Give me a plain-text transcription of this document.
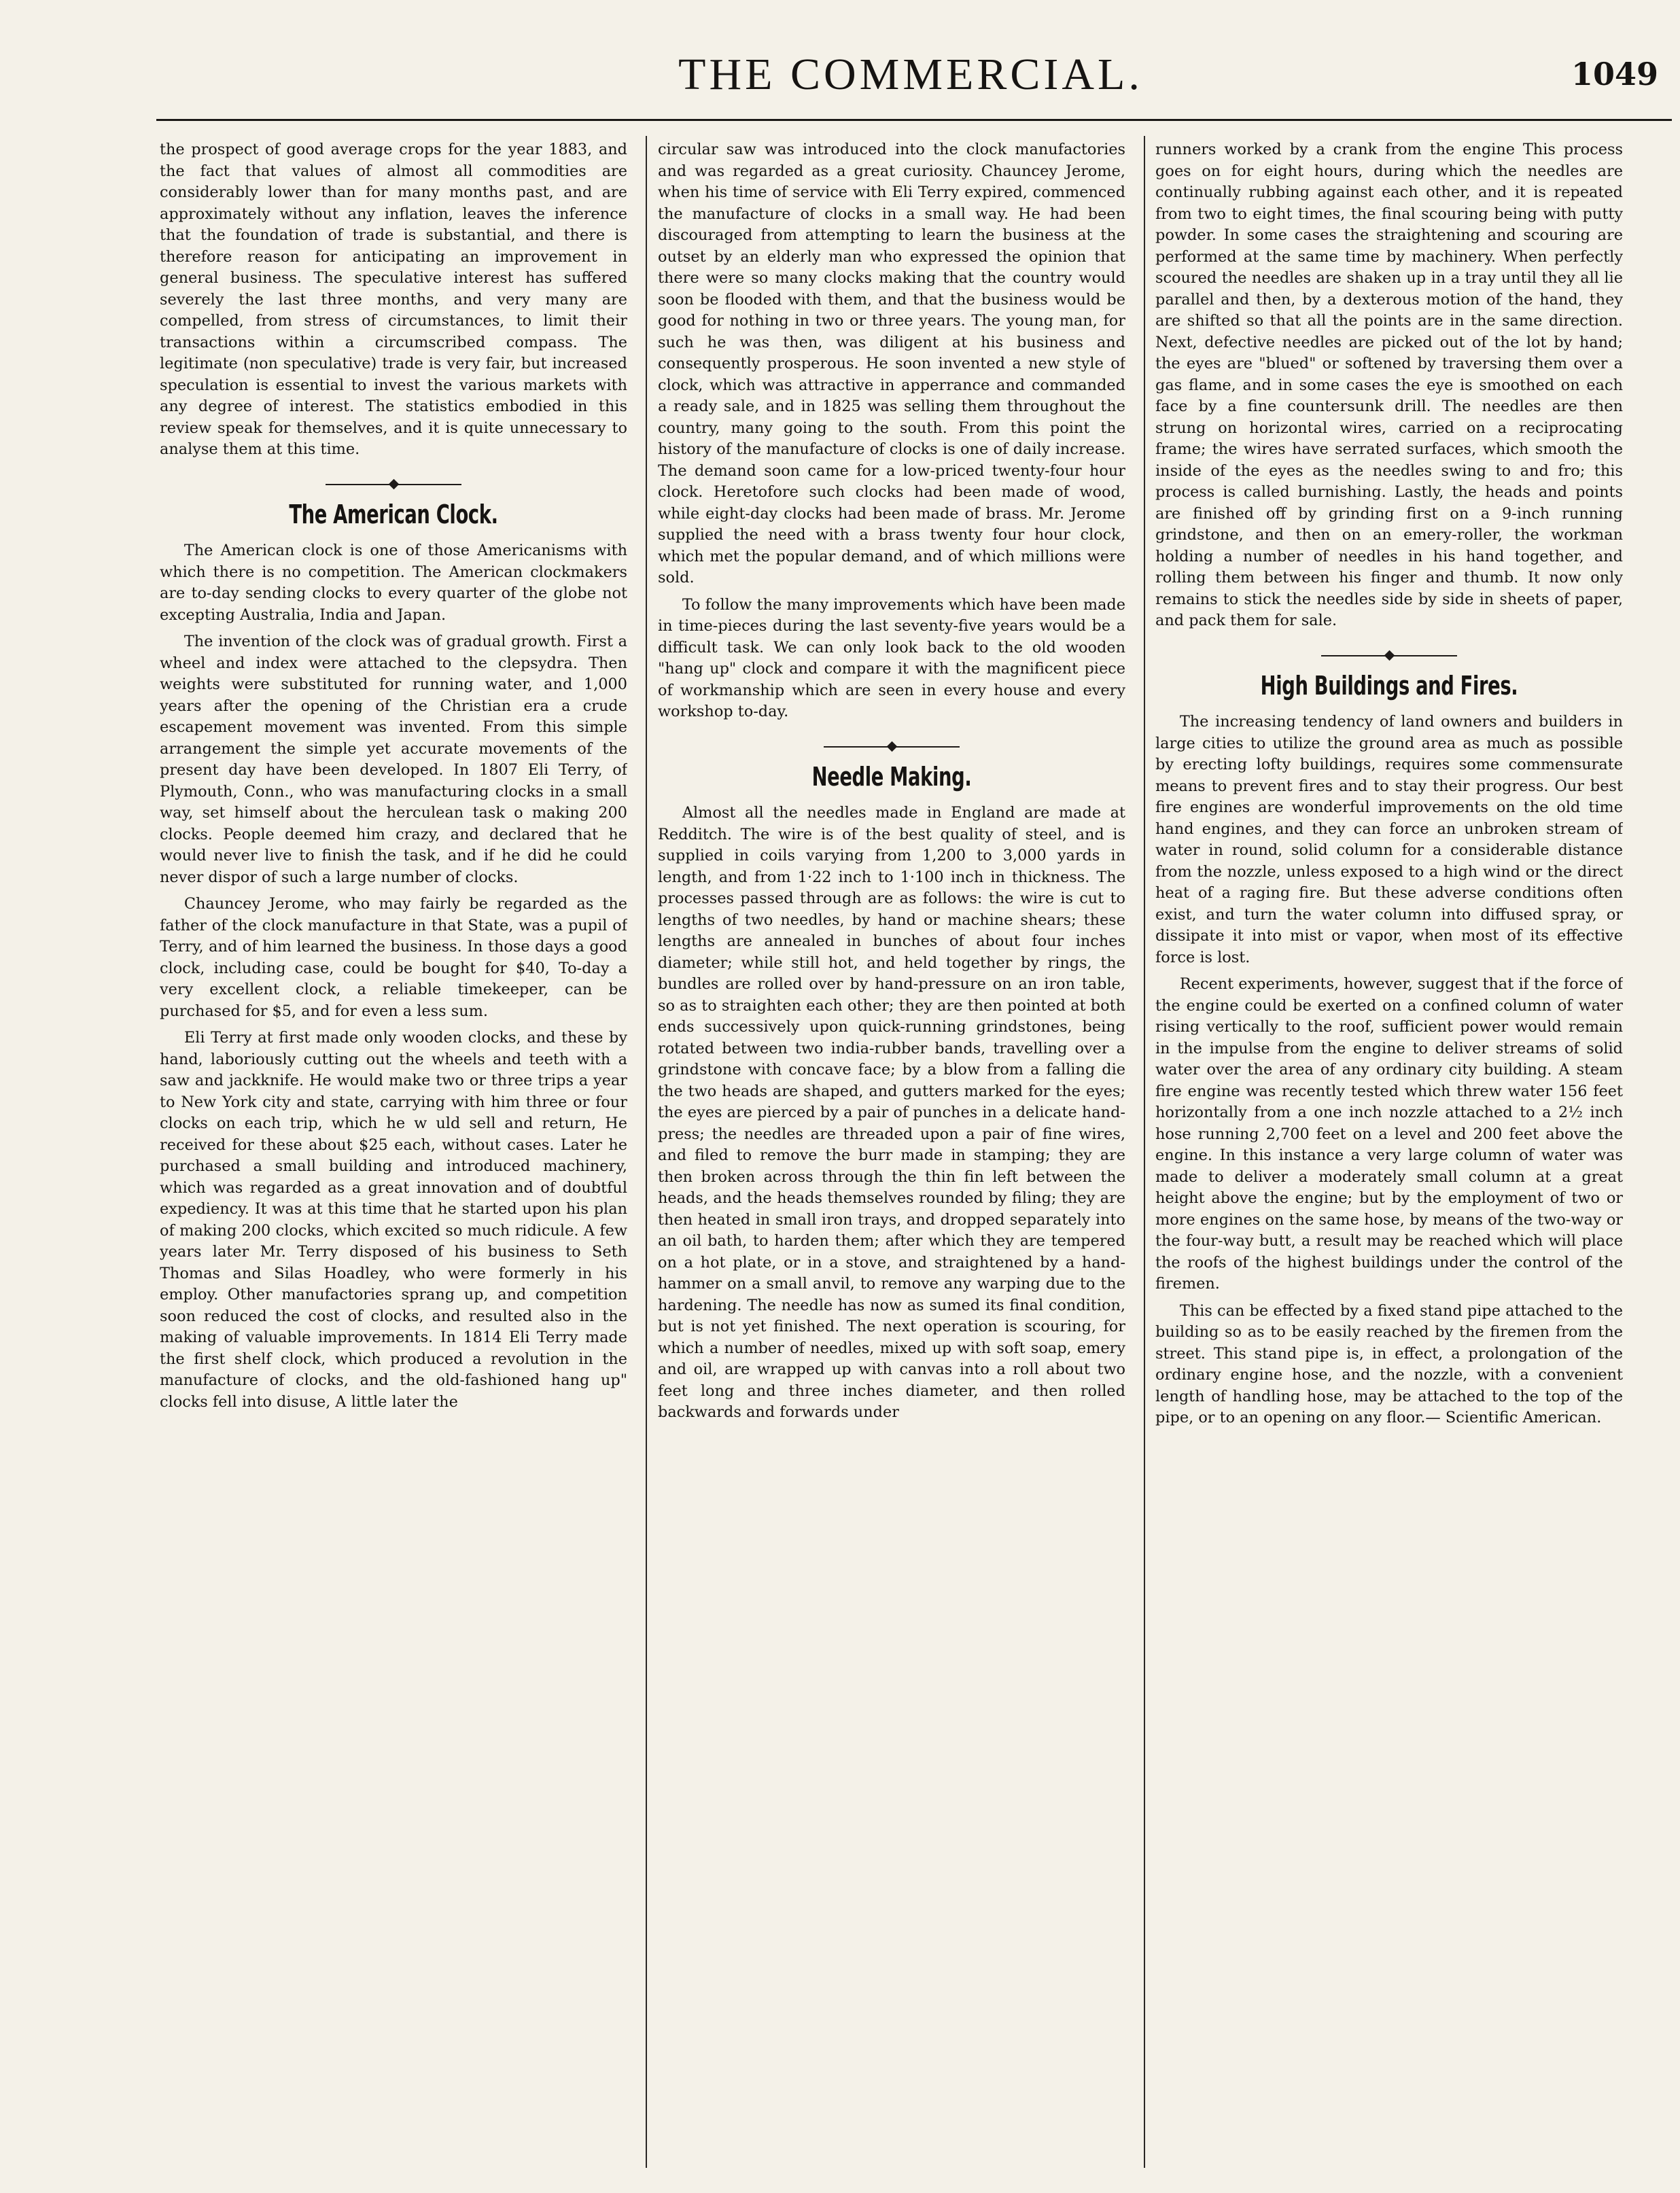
THE COMMERCIAL.	1049

the prospect of good average crops for the year 1883, and the fact that values of almost all commodities are considerably lower than for many months past, and are approximately without any inflation, leaves the inference that the foundation of trade is substantial, and there is therefore reason for anticipating an improvement in general business. The speculative interest has suffered severely the last three months, and very many are compelled, from stress of circumstances, to limit their transactions within a circumscribed compass. The legitimate (non speculative) trade is very fair, but increased speculation is essential to invest the various markets with any degree of interest. The statistics embodied in this review speak for themselves, and it is quite unnecessary to analyse them at this time.

The American Clock.

The American clock is one of those Americanisms with which there is no competition. The American clockmakers are to-day sending clocks to every quarter of the globe not excepting Australia, India and Japan.

The invention of the clock was of gradual growth. First a wheel and index were attached to the clepsydra. Then weights were substituted for running water, and 1,000 years after the opening of the Christian era a crude escapement movement was invented. From this simple arrangement the simple yet accurate movements of the present day have been developed. In 1807 Eli Terry, of Plymouth, Conn., who was manufacturing clocks in a small way, set himself about the herculean task o making 200 clocks. People deemed him crazy, and declared that he would never live to finish the task, and if he did he could never dispor of such a large number of clocks.

Chauncey Jerome, who may fairly be regarded as the father of the clock manufacture in that State, was a pupil of Terry, and of him learned the business. In those days a good clock, including case, could be bought for $40, To-day a very excellent clock, a reliable timekeeper, can be purchased for $5, and for even a less sum.

Eli Terry at first made only wooden clocks, and these by hand, laboriously cutting out the wheels and teeth with a saw and jackknife. He would make two or three trips a year to New York city and state, carrying with him three or four clocks on each trip, which he w uld sell and return, He received for these about $25 each, without cases. Later he purchased a small building and introduced machinery, which was regarded as a great innovation and of doubtful expediency. It was at this time that he started upon his plan of making 200 clocks, which excited so much ridicule. A few years later Mr. Terry disposed of his business to Seth Thomas and Silas Hoadley, who were formerly in his employ. Other manufactories sprang up, and competition soon reduced the cost of clocks, and resulted also in the making of valuable improvements. In 1814 Eli Terry made the first shelf clock, which produced a revolution in the manufacture of clocks, and the old-fashioned hang up" clocks fell into disuse, A little later the

circular saw was introduced into the clock manufactories and was regarded as a great curiosity. Chauncey Jerome, when his time of service with Eli Terry expired, commenced the manufacture of clocks in a small way. He had been discouraged from attempting to learn the business at the outset by an elderly man who expressed the opinion that there were so many clocks making that the country would soon be flooded with them, and that the business would be good for nothing in two or three years. The young man, for such he was then, was diligent at his business and consequently prosperous. He soon invented a new style of clock, which was attractive in apperrance and commanded a ready sale, and in 1825 was selling them throughout the country, many going to the south. From this point the history of the manufacture of clocks is one of daily increase. The demand soon came for a low-priced twenty-four hour clock. Heretofore such clocks had been made of wood, while eight-day clocks had been made of brass. Mr. Jerome supplied the need with a brass twenty four hour clock, which met the popular demand, and of which millions were sold.

To follow the many improvements which have been made in time-pieces during the last seventy-five years would be a difficult task. We can only look back to the old wooden "hang up" clock and compare it with the magnificent piece of workmanship which are seen in every house and every workshop to-day.

Needle Making.

Almost all the needles made in England are made at Redditch. The wire is of the best quality of steel, and is supplied in coils varying from 1,200 to 3,000 yards in length, and from 1·22 inch to 1·100 inch in thickness. The processes passed through are as follows: the wire is cut to lengths of two needles, by hand or machine shears; these lengths are annealed in bunches of about four inches diameter; while still hot, and held together by rings, the bundles are rolled over by hand-pressure on an iron table, so as to straighten each other; they are then pointed at both ends successively upon quick-running grindstones, being rotated between two india-rubber bands, travelling over a grindstone with concave face; by a blow from a falling die the two heads are shaped, and gutters marked for the eyes; the eyes are pierced by a pair of punches in a delicate hand-press; the needles are threaded upon a pair of fine wires, and filed to remove the burr made in stamping; they are then broken across through the thin fin left between the heads, and the heads themselves rounded by filing; they are then heated in small iron trays, and dropped separately into an oil bath, to harden them; after which they are tempered on a hot plate, or in a stove, and straightened by a hand-hammer on a small anvil, to remove any warping due to the hardening. The needle has now as sumed its final condition, but is not yet finished. The next operation is scouring, for which a number of needles, mixed up with soft soap, emery and oil, are wrapped up with canvas into a roll about two feet long and three inches diameter, and then rolled backwards and forwards under

runners worked by a crank from the engine This process goes on for eight hours, during which the needles are continually rubbing against each other, and it is repeated from two to eight times, the final scouring being with putty powder. In some cases the straightening and scouring are performed at the same time by machinery. When perfectly scoured the needles are shaken up in a tray until they all lie parallel and then, by a dexterous motion of the hand, they are shifted so that all the points are in the same direction. Next, defective needles are picked out of the lot by hand; the eyes are "blued" or softened by traversing them over a gas flame, and in some cases the eye is smoothed on each face by a fine countersunk drill. The needles are then strung on horizontal wires, carried on a reciprocating frame; the wires have serrated surfaces, which smooth the inside of the eyes as the needles swing to and fro; this process is called burnishing. Lastly, the heads and points are finished off by grinding first on a 9-inch running grindstone, and then on an emery-roller, the workman holding a number of needles in his hand together, and rolling them between his finger and thumb. It now only remains to stick the needles side by side in sheets of paper, and pack them for sale.

High Buildings and Fires.

The increasing tendency of land owners and builders in large cities to utilize the ground area as much as possible by erecting lofty buildings, requires some commensurate means to prevent fires and to stay their progress. Our best fire engines are wonderful improvements on the old time hand engines, and they can force an unbroken stream of water in round, solid column for a considerable distance from the nozzle, unless exposed to a high wind or the direct heat of a raging fire. But these adverse conditions often exist, and turn the water column into diffused spray, or dissipate it into mist or vapor, when most of its effective force is lost.

Recent experiments, however, suggest that if the force of the engine could be exerted on a confined column of water rising vertically to the roof, sufficient power would remain in the impulse from the engine to deliver streams of solid water over the area of any ordinary city building. A steam fire engine was recently tested which threw water 156 feet horizontally from a one inch nozzle attached to a 2½ inch hose running 2,700 feet on a level and 200 feet above the engine. In this instance a very large column of water was made to deliver a moderately small column at a great height above the engine; but by the employment of two or more engines on the same hose, by means of the two-way or the four-way butt, a result may be reached which will place the roofs of the highest buildings under the control of the firemen.

This can be effected by a fixed stand pipe attached to the building so as to be easily reached by the firemen from the street. This stand pipe is, in effect, a prolongation of the ordinary engine hose, and the nozzle, with a convenient length of handling hose, may be attached to the top of the pipe, or to an opening on any floor.— Scientific American.
